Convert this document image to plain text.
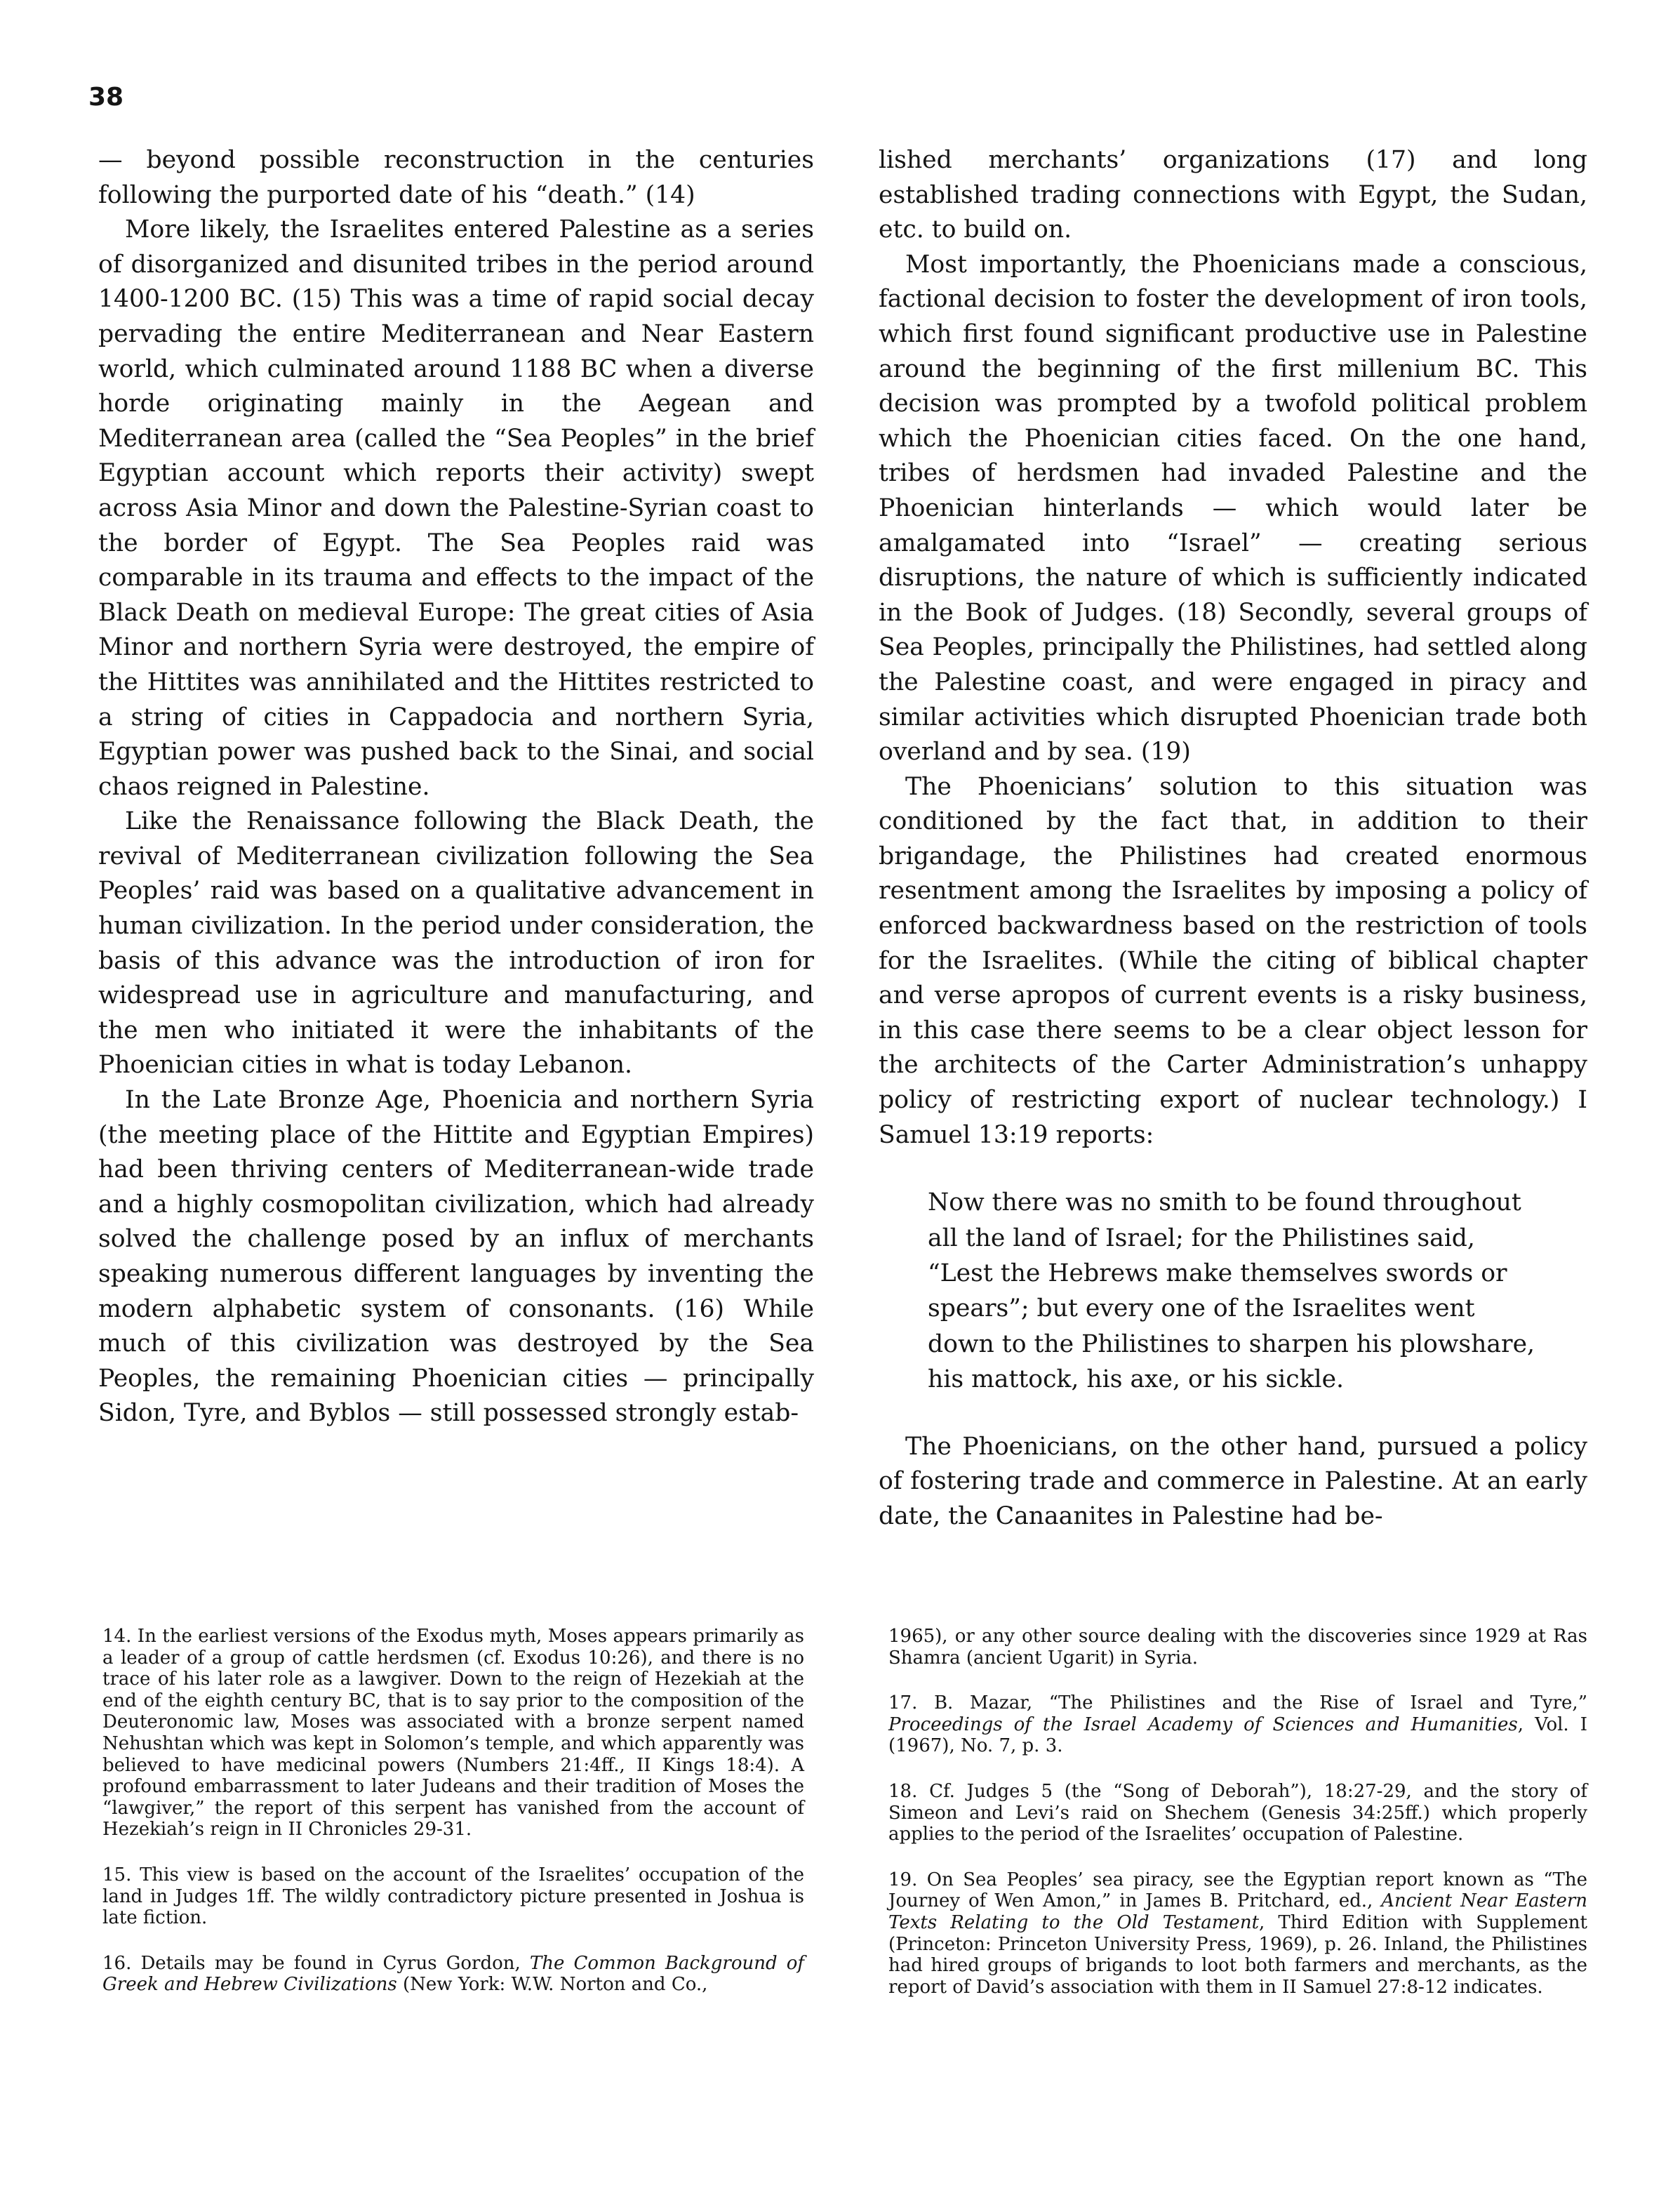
38

— beyond possible reconstruction in the centuries following the purported date of his “death.” (14)

More likely, the Israelites entered Palestine as a series of disorganized and disunited tribes in the period around 1400-1200 BC. (15) This was a time of rapid social decay pervading the entire Mediterranean and Near Eastern world, which culminated around 1188 BC when a diverse horde originating mainly in the Aegean and Mediterranean area (called the “Sea Peoples” in the brief Egyptian account which reports their activity) swept across Asia Minor and down the Palestine-Syrian coast to the border of Egypt. The Sea Peoples raid was comparable in its trauma and effects to the impact of the Black Death on medieval Europe: The great cities of Asia Minor and northern Syria were destroyed, the empire of the Hittites was annihilated and the Hittites restricted to a string of cities in Cappadocia and northern Syria, Egyptian power was pushed back to the Sinai, and social chaos reigned in Palestine.

Like the Renaissance following the Black Death, the revival of Mediterranean civilization following the Sea Peoples’ raid was based on a qualitative advancement in human civilization. In the period under consideration, the basis of this advance was the introduction of iron for widespread use in agriculture and manufacturing, and the men who initiated it were the inhabitants of the Phoenician cities in what is today Lebanon.

In the Late Bronze Age, Phoenicia and northern Syria (the meeting place of the Hittite and Egyptian Empires) had been thriving centers of Mediterranean-wide trade and a highly cosmopolitan civilization, which had already solved the challenge posed by an influx of merchants speaking numerous different languages by inventing the modern alphabetic system of consonants. (16) While much of this civilization was destroyed by the Sea Peoples, the remaining Phoenician cities — principally Sidon, Tyre, and Byblos — still possessed strongly estab-

lished merchants’ organizations (17) and long established trading connections with Egypt, the Sudan, etc. to build on.

Most importantly, the Phoenicians made a conscious, factional decision to foster the development of iron tools, which first found significant productive use in Palestine around the beginning of the first millenium BC. This decision was prompted by a twofold political problem which the Phoenician cities faced. On the one hand, tribes of herdsmen had invaded Palestine and the Phoenician hinterlands — which would later be amalgamated into “Israel” — creating serious disruptions, the nature of which is sufficiently indicated in the Book of Judges. (18) Secondly, several groups of Sea Peoples, principally the Philistines, had settled along the Palestine coast, and were engaged in piracy and similar activities which disrupted Phoenician trade both overland and by sea. (19)

The Phoenicians’ solution to this situation was conditioned by the fact that, in addition to their brigandage, the Philistines had created enormous resentment among the Israelites by imposing a policy of enforced backwardness based on the restriction of tools for the Israelites. (While the citing of biblical chapter and verse apropos of current events is a risky business, in this case there seems to be a clear object lesson for the architects of the Carter Administration’s unhappy policy of restricting export of nuclear technology.) I Samuel 13:19 reports:

Now there was no smith to be found throughout all the land of Israel; for the Philistines said, “Lest the Hebrews make themselves swords or spears”; but every one of the Israelites went down to the Philistines to sharpen his plowshare, his mattock, his axe, or his sickle.

The Phoenicians, on the other hand, pursued a policy of fostering trade and commerce in Palestine. At an early date, the Canaanites in Palestine had be-

14. In the earliest versions of the Exodus myth, Moses appears primarily as a leader of a group of cattle herdsmen (cf. Exodus 10:26), and there is no trace of his later role as a lawgiver. Down to the reign of Hezekiah at the end of the eighth century BC, that is to say prior to the composition of the Deuteronomic law, Moses was associated with a bronze serpent named Nehushtan which was kept in Solomon’s temple, and which apparently was believed to have medicinal powers (Numbers 21:4ff., II Kings 18:4). A profound embarrassment to later Judeans and their tradition of Moses the “lawgiver,” the report of this serpent has vanished from the account of Hezekiah’s reign in II Chronicles 29-31.

15. This view is based on the account of the Israelites’ occupation of the land in Judges 1ff. The wildly contradictory picture presented in Joshua is late fiction.

16. Details may be found in Cyrus Gordon, The Common Background of Greek and Hebrew Civilizations (New York: W.W. Norton and Co.,

1965), or any other source dealing with the discoveries since 1929 at Ras Shamra (ancient Ugarit) in Syria.

17. B. Mazar, “The Philistines and the Rise of Israel and Tyre,” Proceedings of the Israel Academy of Sciences and Humanities, Vol. I (1967), No. 7, p. 3.

18. Cf. Judges 5 (the “Song of Deborah”), 18:27-29, and the story of Simeon and Levi’s raid on Shechem (Genesis 34:25ff.) which properly applies to the period of the Israelites’ occupation of Palestine.

19. On Sea Peoples’ sea piracy, see the Egyptian report known as “The Journey of Wen Amon,” in James B. Pritchard, ed., Ancient Near Eastern Texts Relating to the Old Testament, Third Edition with Supplement (Princeton: Princeton University Press, 1969), p. 26. Inland, the Philistines had hired groups of brigands to loot both farmers and merchants, as the report of David’s association with them in II Samuel 27:8-12 indicates.
